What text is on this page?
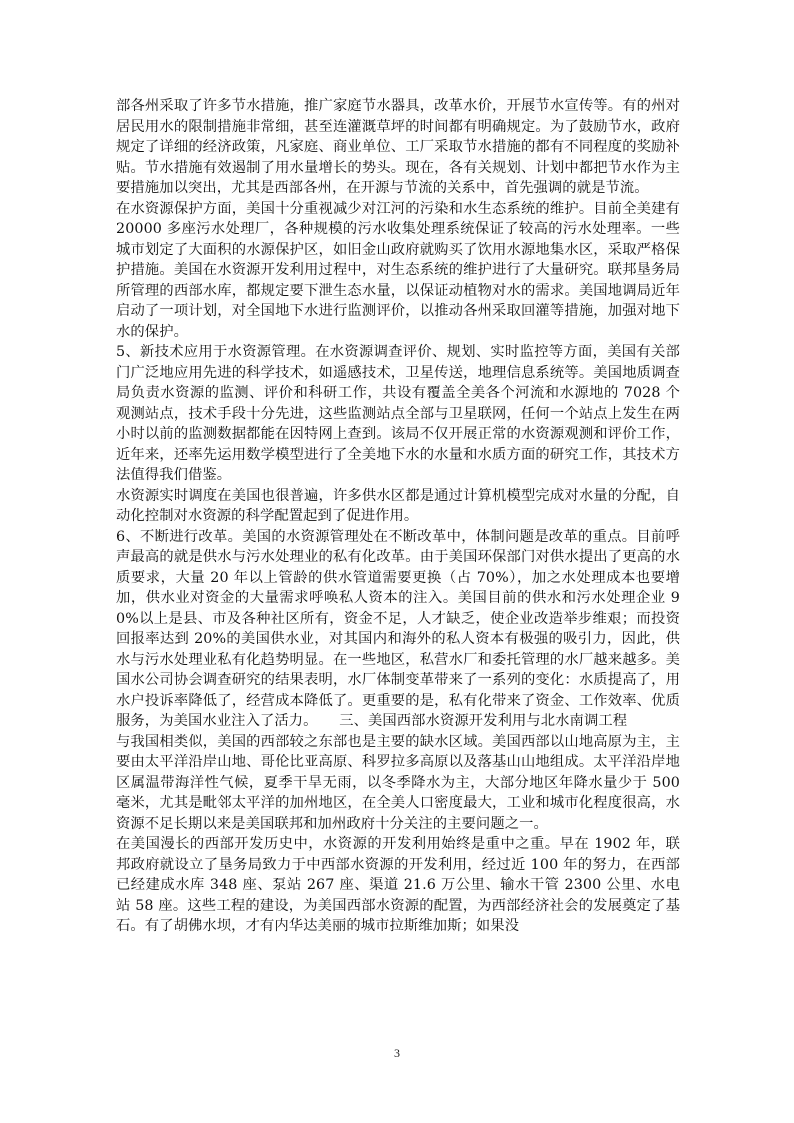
部各州采取了许多节水措施，推广家庭节水器具，改革水价，开展节水宣传等。有的州对居民用水的限制措施非常细，甚至连灌溉草坪的时间都有明确规定。为了鼓励节水，政府规定了详细的经济政策，凡家庭、商业单位、工厂采取节水措施的都有不同程度的奖励补贴。节水措施有效遏制了用水量增长的势头。现在，各有关规划、计划中都把节水作为主要措施加以突出，尤其是西部各州，在开源与节流的关系中，首先强调的就是节流。

在水资源保护方面，美国十分重视减少对江河的污染和水生态系统的维护。目前全美建有 20000 多座污水处理厂，各种规模的污水收集处理系统保证了较高的污水处理率。一些城市划定了大面积的水源保护区，如旧金山政府就购买了饮用水源地集水区，采取严格保护措施。美国在水资源开发利用过程中，对生态系统的维护进行了大量研究。联邦垦务局所管理的西部水库，都规定要下泄生态水量，以保证动植物对水的需求。美国地调局近年启动了一项计划，对全国地下水进行监测评价，以推动各州采取回灌等措施，加强对地下水的保护。

5、新技术应用于水资源管理。在水资源调查评价、规划、实时监控等方面，美国有关部门广泛地应用先进的科学技术，如遥感技术，卫星传送，地理信息系统等。美国地质调查局负责水资源的监测、评价和科研工作，共设有覆盖全美各个河流和水源地的 7028 个观测站点，技术手段十分先进，这些监测站点全部与卫星联网，任何一个站点上发生在两小时以前的监测数据都能在因特网上查到。该局不仅开展正常的水资源观测和评价工作，近年来，还率先运用数学模型进行了全美地下水的水量和水质方面的研究工作，其技术方法值得我们借鉴。

水资源实时调度在美国也很普遍，许多供水区都是通过计算机模型完成对水量的分配，自动化控制对水资源的科学配置起到了促进作用。

6、不断进行改革。美国的水资源管理处在不断改革中，体制问题是改革的重点。目前呼声最高的就是供水与污水处理业的私有化改革。由于美国环保部门对供水提出了更高的水质要求，大量 20 年以上管龄的供水管道需要更换（占 70%），加之水处理成本也要增加，供水业对资金的大量需求呼唤私人资本的注入。美国目前的供水和污水处理企业 90%以上是县、市及各种社区所有，资金不足，人才缺乏，使企业改造举步维艰；而投资回报率达到 20%的美国供水业，对其国内和海外的私人资本有极强的吸引力，因此，供水与污水处理业私有化趋势明显。在一些地区，私营水厂和委托管理的水厂越来越多。美国水公司协会调查研究的结果表明，水厂体制变革带来了一系列的变化：水质提高了，用水户投诉率降低了，经营成本降低了。更重要的是，私有化带来了资金、工作效率、优质服务，为美国水业注入了活力。　　三、美国西部水资源开发利用与北水南调工程

与我国相类似，美国的西部较之东部也是主要的缺水区域。美国西部以山地高原为主，主要由太平洋沿岸山地、哥伦比亚高原、科罗拉多高原以及落基山山地组成。太平洋沿岸地区属温带海洋性气候，夏季干旱无雨，以冬季降水为主，大部分地区年降水量少于 500 毫米，尤其是毗邻太平洋的加州地区，在全美人口密度最大，工业和城市化程度很高，水资源不足长期以来是美国联邦和加州政府十分关注的主要问题之一。

在美国漫长的西部开发历史中，水资源的开发利用始终是重中之重。早在 1902 年，联邦政府就设立了垦务局致力于中西部水资源的开发利用，经过近 100 年的努力，在西部已经建成水库 348 座、泵站 267 座、渠道 21.6 万公里、输水干管 2300 公里、水电站 58 座。这些工程的建设，为美国西部水资源的配置，为西部经济社会的发展奠定了基石。有了胡佛水坝，才有内华达美丽的城市拉斯维加斯；如果没

3
